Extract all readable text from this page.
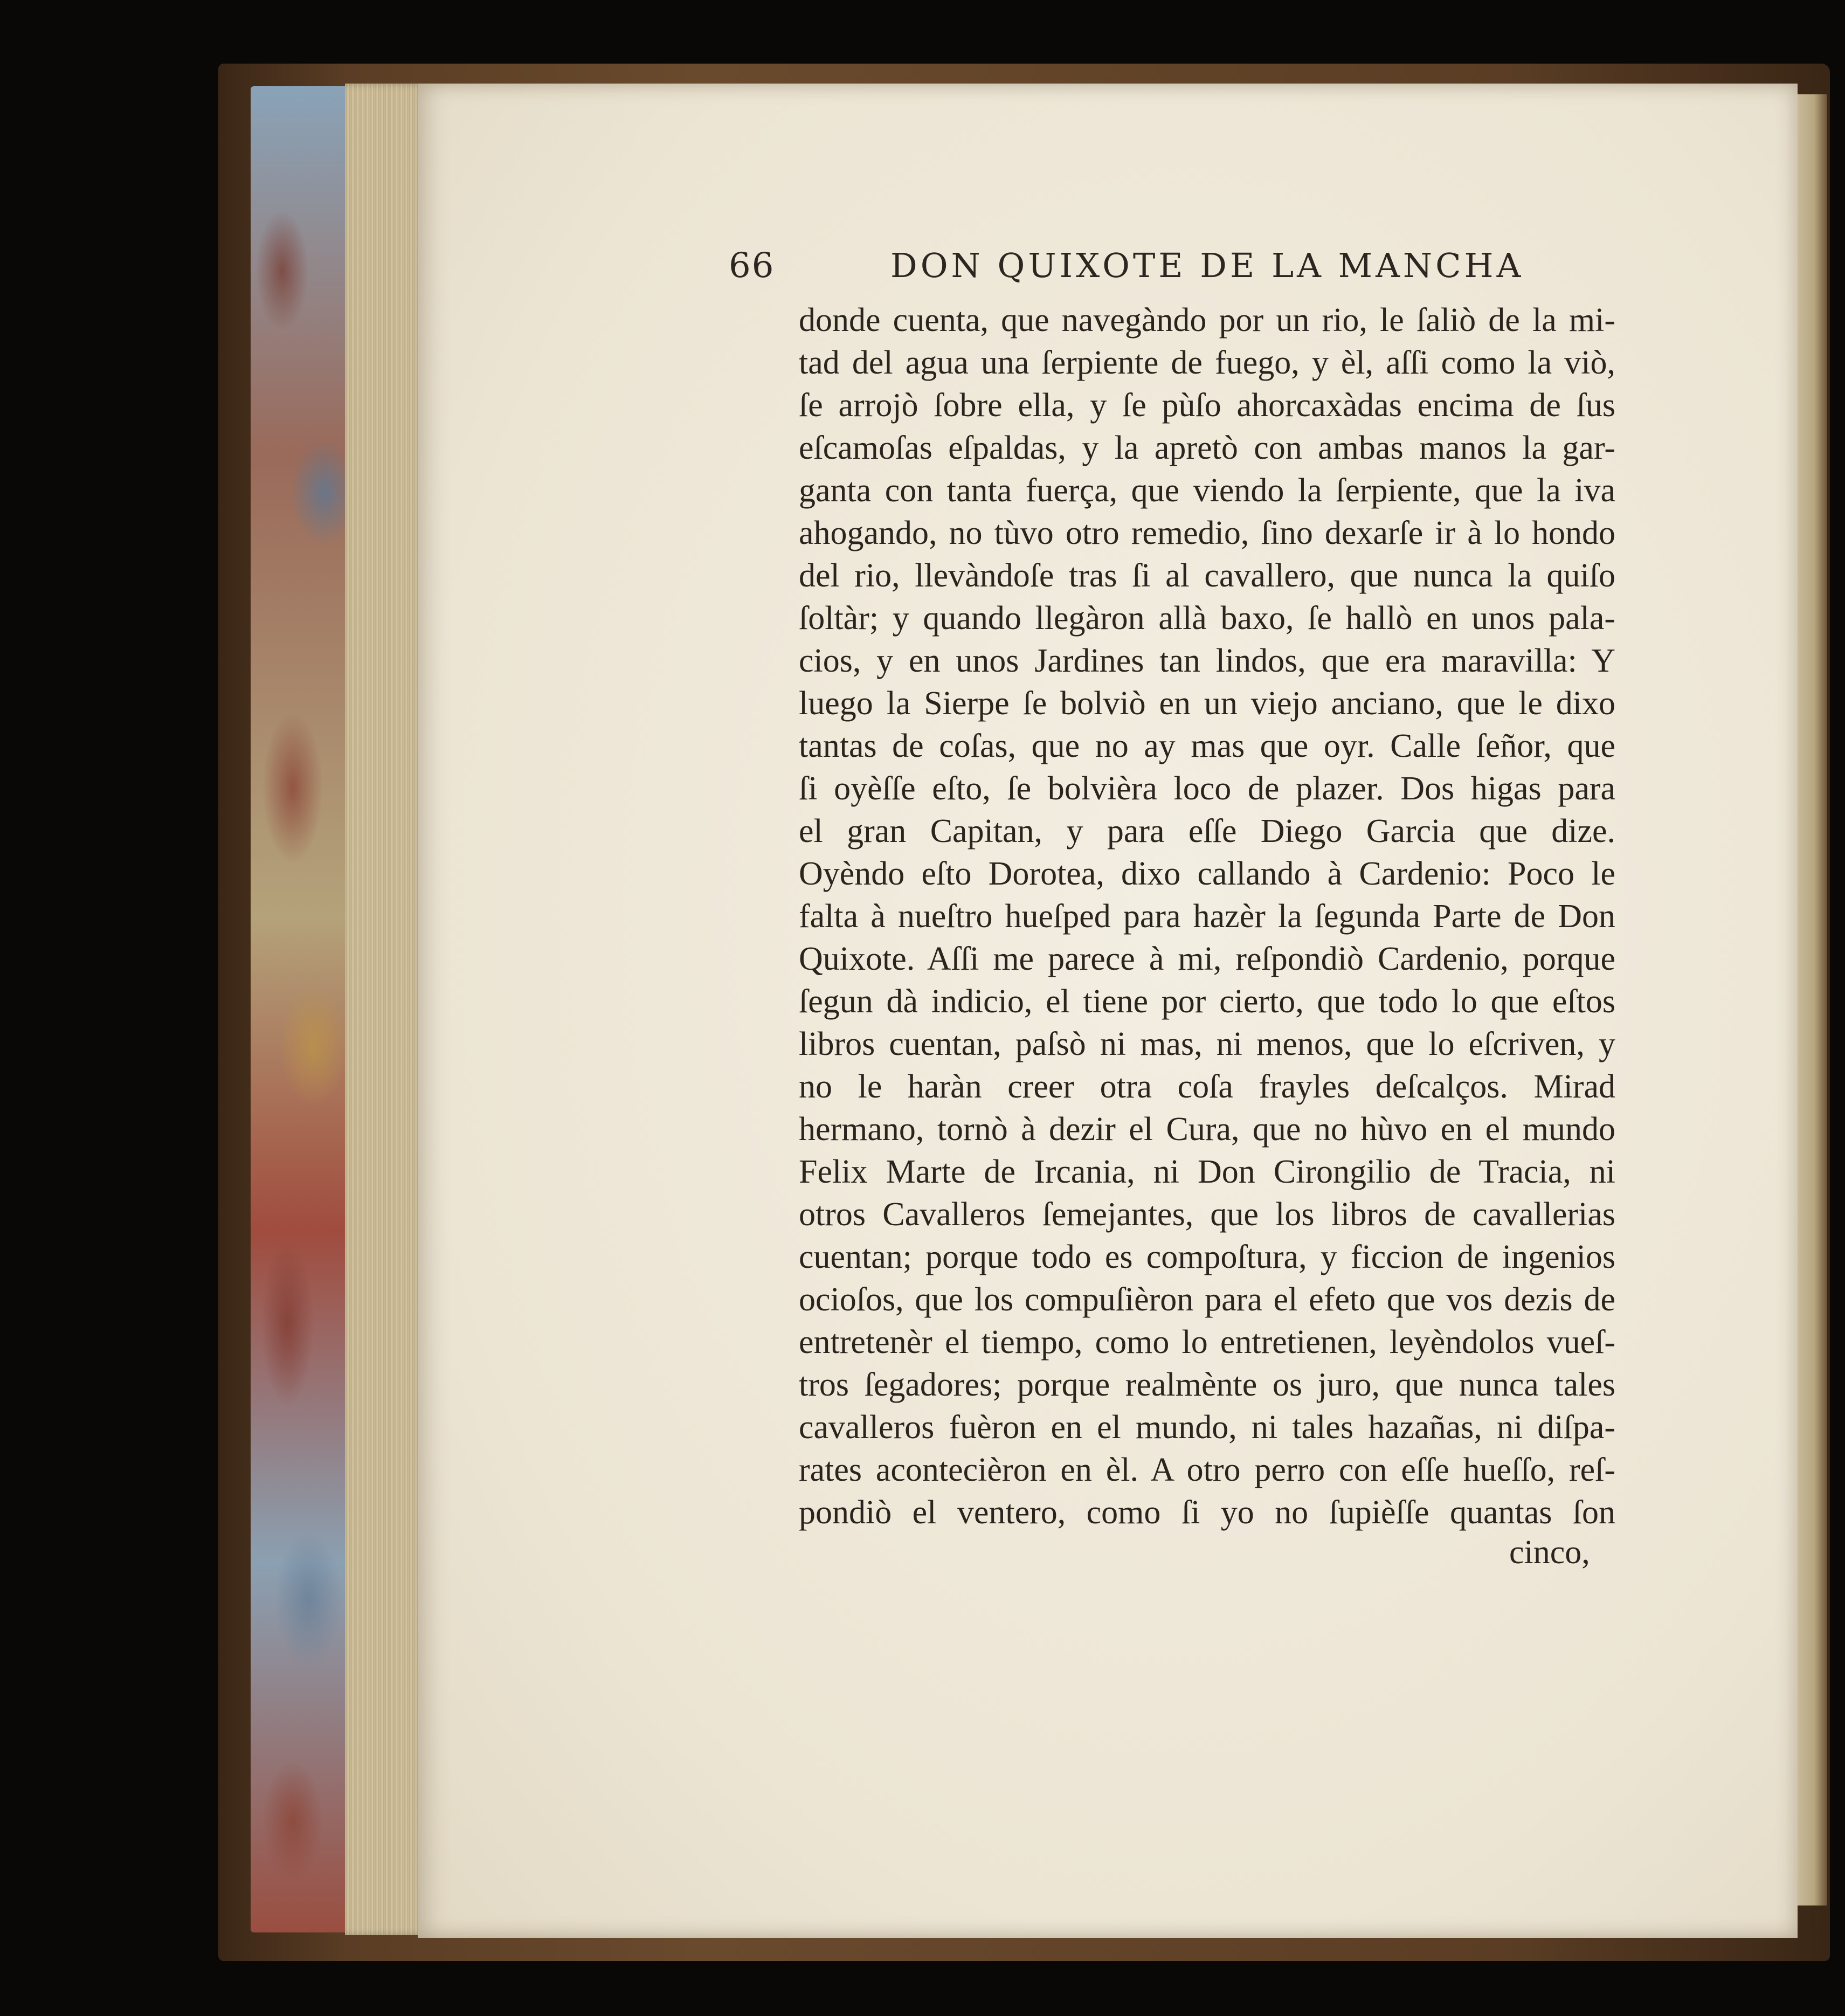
66	DON QUIXOTE DE LA MANCHA
donde cuenta, que navegàndo por un rio, le ſaliò de la mi-
tad del agua una ſerpiente de fuego, y èl, aſſi como la viò,
ſe arrojò ſobre ella, y ſe pùſo ahorcaxàdas encima de ſus
eſcamoſas eſpaldas, y la apretò con ambas manos la gar-
ganta con tanta fuerça, que viendo la ſerpiente, que la iva
ahogando, no tùvo otro remedio, ſino dexarſe ir à lo hondo
del rio, llevàndoſe tras ſi al cavallero, que nunca la quiſo
ſoltàr; y quando llegàron allà baxo, ſe hallò en unos pala-
cios, y en unos Jardines tan lindos, que era maravilla: Y
luego la Sierpe ſe bolviò en un viejo anciano, que le dixo
tantas de coſas, que no ay mas que oyr. Calle ſeñor, que
ſi oyèſſe eſto, ſe bolvièra loco de plazer. Dos higas para
el gran Capitan, y para eſſe Diego Garcia que dize.
Oyèndo eſto Dorotea, dixo callando à Cardenio: Poco le
falta à nueſtro hueſped para hazèr la ſegunda Parte de Don
Quixote. Aſſi me parece à mi, reſpondiò Cardenio, porque
ſegun dà indicio, el tiene por cierto, que todo lo que eſtos
libros cuentan, paſsò ni mas, ni menos, que lo eſcriven, y
no le haràn creer otra coſa frayles deſcalços. Mirad
hermano, tornò à dezir el Cura, que no hùvo en el mundo
Felix Marte de Ircania, ni Don Cirongilio de Tracia, ni
otros Cavalleros ſemejantes, que los libros de cavallerias
cuentan; porque todo es compoſtura, y ficcion de ingenios
ocioſos, que los compuſièron para el efeto que vos dezis de
entretenèr el tiempo, como lo entretienen, leyèndolos vueſ-
tros ſegadores; porque realmènte os juro, que nunca tales
cavalleros fuèron en el mundo, ni tales hazañas, ni diſpa-
rates acontecièron en èl. A otro perro con eſſe hueſſo, reſ-
pondiò el ventero, como ſi yo no ſupièſſe quantas ſon
cinco,
